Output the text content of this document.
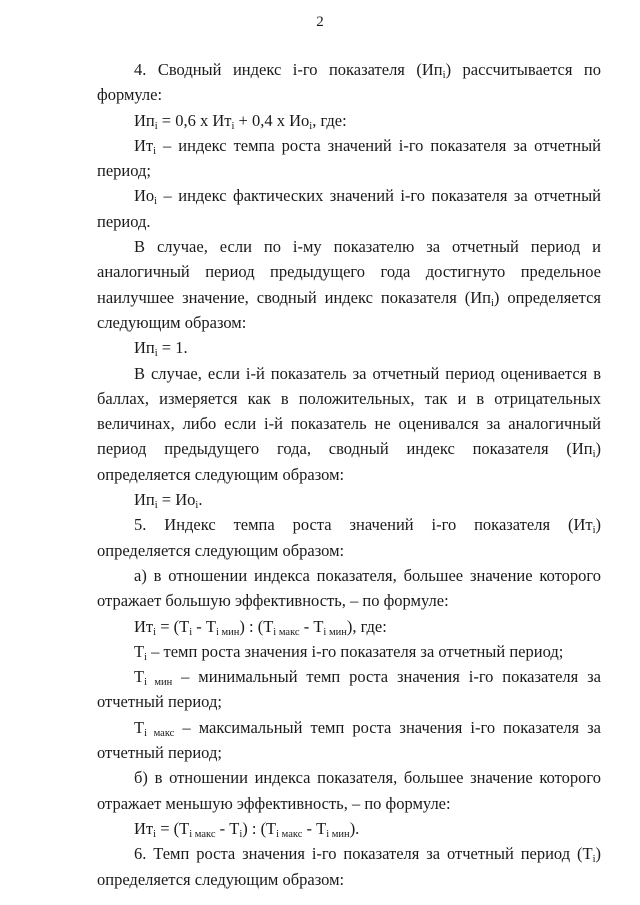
2

4. Сводный индекс i-го показателя $(Ип_i)$ рассчитывается по формуле:

$Ип_i = 0,6$ х $Ит_i + 0,4$ х $Ио_i$, где:

$Ит_i$ – индекс темпа роста значений i-го показателя за отчетный период;

$Ио_i$ – индекс фактических значений i-го показателя за отчетный период.

В случае, если по i-му показателю за отчетный период и аналогичный период предыдущего года достигнуто предельное наилучшее значение, сводный индекс показателя $(Ип_i)$ определяется следующим образом:

$Ип_i = 1$.

В случае, если i-й показатель за отчетный период оценивается в баллах, измеряется как в положительных, так и в отрицательных величинах, либо если i-й показатель не оценивался за аналогичный период предыдущего года, сводный индекс показателя $(Ип_i)$ определяется следующим образом:

$Ип_i = Ио_i$.

5. Индекс темпа роста значений i-го показателя $(Ит_i)$ определяется следующим образом:

а) в отношении индекса показателя, большее значение которого отражает большую эффективность, – по формуле:

$Ит_i = (Т_i - Т_{i мин})$ : $(Т_{i макс} - Т_{i мин})$, где:

$Т_i$ – темп роста значения i-го показателя за отчетный период;

$Т_{i мин}$ – минимальный темп роста значения i-го показателя за отчетный период;

$Т_{i макс}$ – максимальный темп роста значения i-го показателя за отчетный период;

б) в отношении индекса показателя, большее значение которого отражает меньшую эффективность, – по формуле:

$Ит_i = (Т_{i макс} - Т_i)$ : $(Т_{i макс} - Т_{i мин})$.

6. Темп роста значения i-го показателя за отчетный период $(Т_i)$ определяется следующим образом:
